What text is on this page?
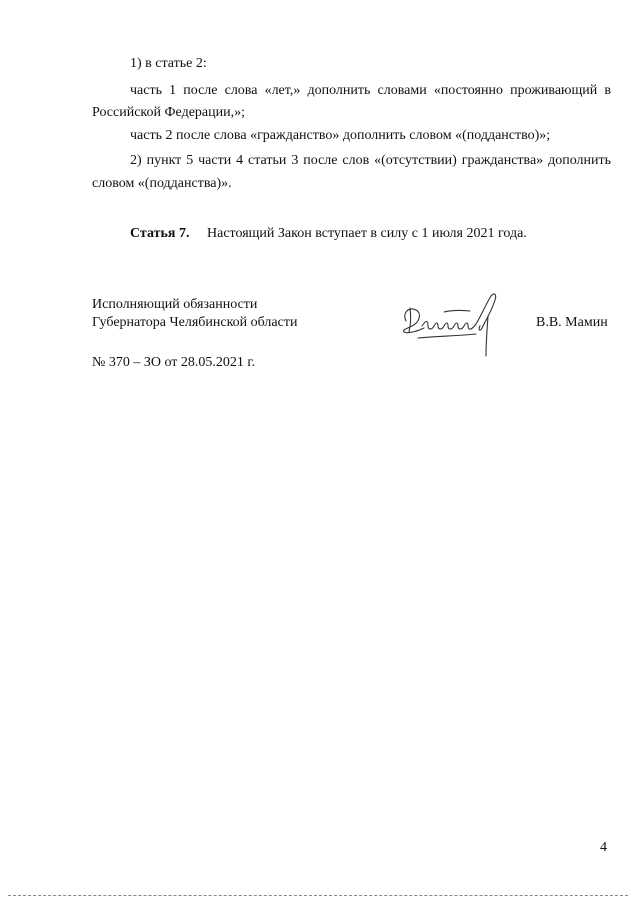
1) в статье 2:
часть 1 после слова «лет,» дополнить словами «постоянно проживающий в
Российской Федерации,»;
часть 2 после слова «гражданство» дополнить словом «(подданство)»;
2) пункт 5 части 4 статьи 3 после слов «(отсутствии) гражданства» дополнить
словом «(подданства)».
Статья 7. Настоящий Закон вступает в силу с 1 июля 2021 года.
Исполняющий обязанности
Губернатора Челябинской области	В.В. Мамин
№ 370 – ЗО от 28.05.2021 г.
4
